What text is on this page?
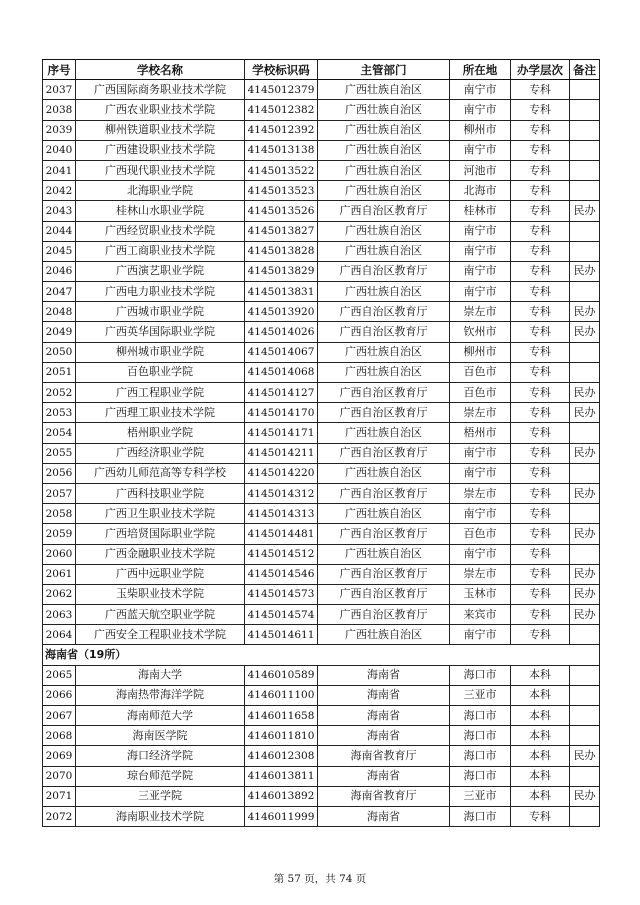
序号	学校名称	学校标识码	主管部门	所在地	办学层次	备注
2037	广西国际商务职业技术学院	4145012379	广西壮族自治区	南宁市	专科	
2038	广西农业职业技术学院	4145012382	广西壮族自治区	南宁市	专科	
2039	柳州铁道职业技术学院	4145012392	广西壮族自治区	柳州市	专科	
2040	广西建设职业技术学院	4145013138	广西壮族自治区	南宁市	专科	
2041	广西现代职业技术学院	4145013522	广西壮族自治区	河池市	专科	
2042	北海职业学院	4145013523	广西壮族自治区	北海市	专科	
2043	桂林山水职业学院	4145013526	广西自治区教育厅	桂林市	专科	民办
2044	广西经贸职业技术学院	4145013827	广西壮族自治区	南宁市	专科	
2045	广西工商职业技术学院	4145013828	广西壮族自治区	南宁市	专科	
2046	广西演艺职业学院	4145013829	广西自治区教育厅	南宁市	专科	民办
2047	广西电力职业技术学院	4145013831	广西壮族自治区	南宁市	专科	
2048	广西城市职业学院	4145013920	广西自治区教育厅	崇左市	专科	民办
2049	广西英华国际职业学院	4145014026	广西自治区教育厅	钦州市	专科	民办
2050	柳州城市职业学院	4145014067	广西壮族自治区	柳州市	专科	
2051	百色职业学院	4145014068	广西壮族自治区	百色市	专科	
2052	广西工程职业学院	4145014127	广西自治区教育厅	百色市	专科	民办
2053	广西理工职业技术学院	4145014170	广西自治区教育厅	崇左市	专科	民办
2054	梧州职业学院	4145014171	广西壮族自治区	梧州市	专科	
2055	广西经济职业学院	4145014211	广西自治区教育厅	南宁市	专科	民办
2056	广西幼儿师范高等专科学校	4145014220	广西壮族自治区	南宁市	专科	
2057	广西科技职业学院	4145014312	广西自治区教育厅	崇左市	专科	民办
2058	广西卫生职业技术学院	4145014313	广西壮族自治区	南宁市	专科	
2059	广西培贤国际职业学院	4145014481	广西自治区教育厅	百色市	专科	民办
2060	广西金融职业技术学院	4145014512	广西壮族自治区	南宁市	专科	
2061	广西中远职业学院	4145014546	广西自治区教育厅	崇左市	专科	民办
2062	玉柴职业技术学院	4145014573	广西自治区教育厅	玉林市	专科	民办
2063	广西蓝天航空职业学院	4145014574	广西自治区教育厅	来宾市	专科	民办
2064	广西安全工程职业技术学院	4145014611	广西壮族自治区	南宁市	专科	
海南省（19所）						
2065	海南大学	4146010589	海南省	海口市	本科	
2066	海南热带海洋学院	4146011100	海南省	三亚市	本科	
2067	海南师范大学	4146011658	海南省	海口市	本科	
2068	海南医学院	4146011810	海南省	海口市	本科	
2069	海口经济学院	4146012308	海南省教育厅	海口市	本科	民办
2070	琼台师范学院	4146013811	海南省	海口市	本科	
2071	三亚学院	4146013892	海南省教育厅	三亚市	本科	民办
2072	海南职业技术学院	4146011999	海南省	海口市	专科	
第 57 页，共 74 页
